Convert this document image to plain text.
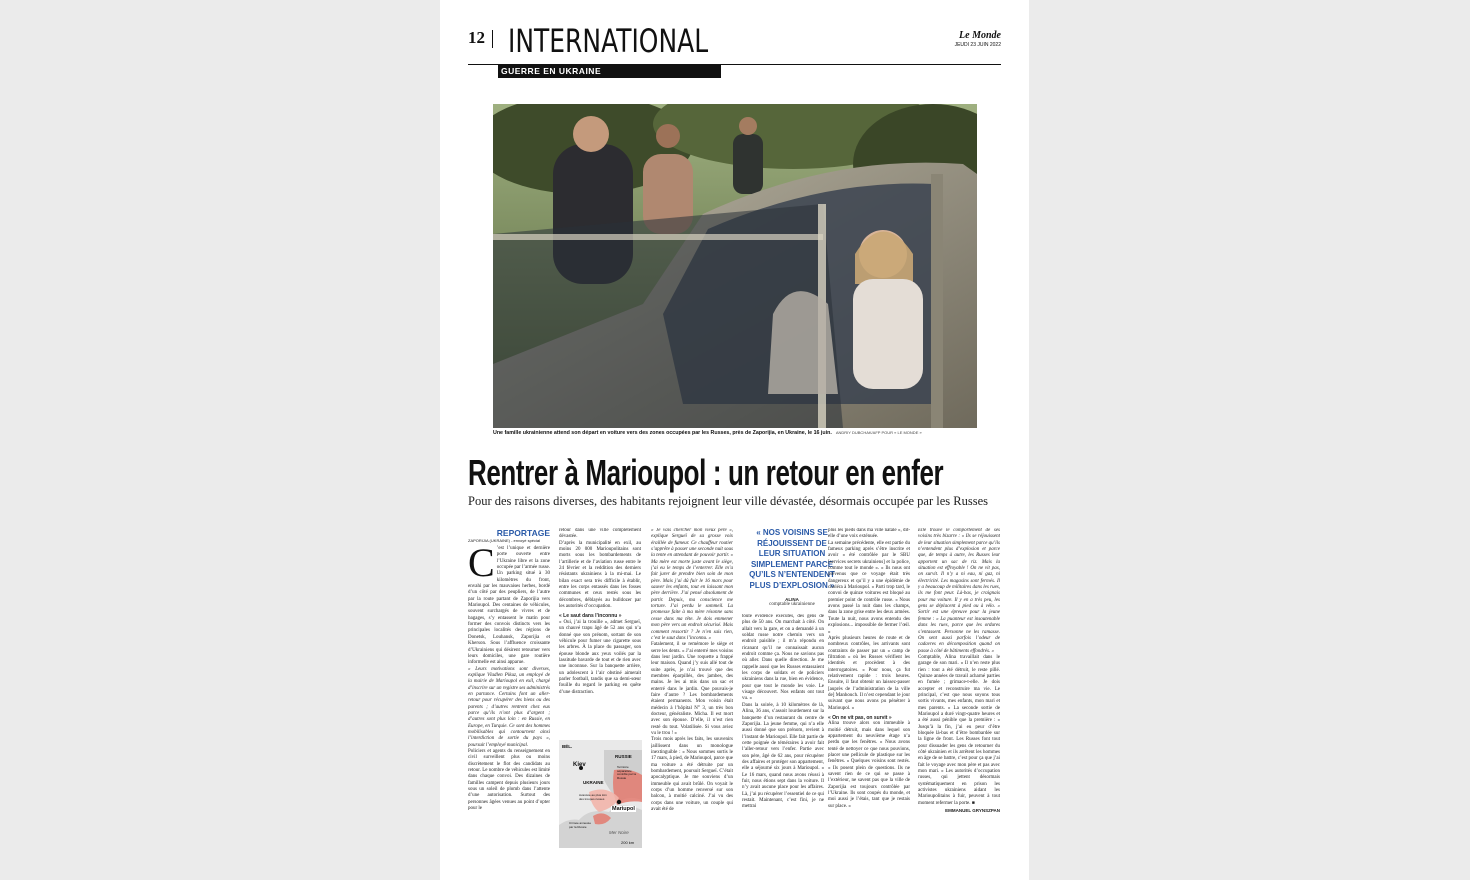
12 INTERNATIONAL	Le Monde
JEUDI 23 JUIN 2022
GUERRE EN UKRAINE
Une famille ukrainienne attend son départ en voiture vers des zones occupées par les Russes, près de Zaporijia, en Ukraine, le 16 juin. ANDRIY DUBCHAK/AFP POUR « LE MONDE »
Rentrer à Marioupol : un retour en enfer
Pour des raisons diverses, des habitants rejoignent leur ville dévastée, désormais occupée par les Russes
REPORTAGE
ZAPORIJIA (UKRAINE) - envoyé spécial
C ’est l’unique et dernière porte ouverte entre l’Ukraine libre et la zone occupée par l’armée russe. Un parking situé à 30 kilomètres du front, envahi par les mauvaises herbes, bordé d’un côté par des peupliers, de l’autre par la route partant de Zaporijia vers Marioupol. Des centaines de véhicules, souvent surchargés de vivres et de bagages, s’y entassent le matin pour former des convois distincts vers les principales localités des régions de Donetsk, Louhansk, Zaporijia et Kherson. Sous l’affluence croissante d’Ukrainiens qui désirent retourner vers leurs domiciles, une gare routière informelle est ainsi apparue.

« Leurs motivations sont diverses, explique Vladlen Pikuz, un employé de la mairie de Marioupol en exil, chargé d’inscrire sur un registre ses administrés en partance. Certains font un aller-retour pour récupérer des biens ou des parents ; d’autres rentrent chez eux parce qu’ils n’ont plus d’argent ; d’autres sont plus loin : en Russie, en Europe, en Turquie. Ce sont des hommes mobilisables qui contournent ainsi l’interdiction de sortie du pays », poursuit l’employé municipal.

Policiers et agents du renseignement en civil surveillent plus ou moins discrètement le flot des candidats au retour. Le nombre de véhicules est limité dans chaque convoi. Des dizaines de familles campent depuis plusieurs jours sous un soleil de plomb dans l’attente d’une autorisation. Surtout des personnes âgées venues au point d’opter pour le

retour dans une ville complètement dévastée.

D’après la municipalité en exil, au moins 20 000 Marioupolitains sont morts sous les bombardements de l’artillerie et de l’aviation russe entre le 24 février et la reddition des derniers résistants ukrainiens à la mi-mai. Le bilan exact sera très difficile à établir, entre les corps entassés dans les fosses communes et ceux restés sous les décombres, déblayés au bulldozer par les autorités d’occupation.

« Le saut dans l’inconnu »

« Oui, j’ai la trouille », admet Sergueï, un chauvé trapu âgé de 52 ans qui n’a donné que son prénom, sortant de son véhicule pour fumer une cigarette sous les arbres. À la place du passager, son épouse blonde aux yeux voilés par la lassitude bavarde de tout et de rien avec une inconnue. Sur la banquette arrière, un adolescent à l’air obstiné aimerait parler football, tandis que sa demi-sœur fouille du regard le parking en quête d’une distraction.

BÉL.
RUSSIE
Kiev
UKRAINE
Territoire séparatiste contrôlé par la Russie
Avancée au plus loin des troupes russes
Crimée annexée par la Russie
Mariupol
Mer Noire
200 km

« Je vais chercher mon vieux père », explique Sergueï de sa grosse voix éraillée de fumeur. Ce chauffeur routier s’apprête à passer une seconde nuit sous la tente en attendant de pouvoir partir. « Ma mère est morte juste avant le siège, j’ai eu le temps de l’enterrer. Elle m’a fait jurer de prendre bien soin de mon père. Mais j’ai dû fuir le 16 mars pour sauver les enfants, tout en laissant mon père derrière. J’ai pensé absolument de partir. Depuis, ma conscience me torture. J’ai perdu le sommeil. La promesse faite à ma mère résonne sans cesse dans ma tête. Je dois emmener mon père vers un endroit sécurisé. Mais comment ressortir ? Je n’en sais rien, c’est le saut dans l’inconnu. »

Fatalement, il se remémore le siège et serre les dents. « J’ai enterré mes voisins dans leur jardin. Une roquette a frappé leur maison. Quand j’y suis allé tout de suite après, je n’ai trouvé que des membres éparpillés, des jambes, des mains. Je les ai mis dans un sac et enterré dans le jardin. Que pouvais-je faire d’autre ? Les bombardements étaient permanents. Mon voisin était médecin à l’hôpital N° 3, un très bon docteur, généraliste. Micha. Il est mort avec son épouse. D’elle, il n’est rien resté du tout. Volatilisée. Si vous aviez vu le trou ! »

Trois mois après les faits, les souvenirs jaillissent dans un monologue inextinguible : « Nous sommes sortis le 17 mars, à pied, de Marioupol, parce que ma voiture a été détruite par un bombardement, poursuit Sergueï. C’était apocalyptique. Je me souviens d’un immeuble qui avait brûlé. On voyait le corps d’un homme renversé sur son balcon, à moitié calciné. J’ai vu des corps dans une voiture, un couple qui avait été de

« NOS VOISINS SE RÉJOUISSENT DE LEUR SITUATION SIMPLEMENT PARCE QU’ILS N’ENTENDENT PLUS D’EXPLOSION »
ALINA
comptable ukrainienne

toute évidence exécutés, des gens de plus de 50 ans. On marchait à côté. On allait vers la gare, et on a demandé à un soldat russe notre chemin vers un endroit paisible ; il m’a répondu en ricanant qu’il ne connaissait aucun endroit comme ça. Nous ne savions pas où aller. Dans quelle direction. Je me rappelle aussi que les Russes entassaient les corps de soldats et de policiers ukrainiens dans la rue, bien en évidence, pour que tout le monde les voie. Le visage découvert. Nos enfants ont tout vu. »

Dans la soirée, à 10 kilomètres de là, Alina, 36 ans, s’assoit lourdement sur la banquette d’un restaurant du centre de Zaporijia. La jeune femme, qui n’a elle aussi donné que son prénom, revient à l’instant de Marioupol. Elle fait partie de cette poignée de téméraires à avoir fait l’aller-retour vers l’enfer. Partie avec son père, âgé de 62 ans, pour récupérer des affaires et protéger son appartement, elle a séjourné six jours à Marioupol. « Le 16 mars, quand nous avons réussi à fuir, nous étions sept dans la voiture. Il n’y avait aucune place pour les affaires. Là, j’ai pu récupérer l’essentiel de ce qui restait. Maintenant, c’est fini, je ne mettrai

plus les pieds dans ma ville natale », dit-elle d’une voix exténuée.

La semaine précédente, elle est partie du fameux parking après s’être inscrite et avoir « été contrôlée par le SBU [services secrets ukrainiens] et la police, comme tout le monde ». « Ils nous ont prévenus que ce voyage était très dangereux et qu’il y a une épidémie de choléra à Marioupol. » Parti trop tard, le convoi de quinze voitures est bloqué au premier point de contrôle russe. « Nous avons passé la nuit dans les champs, dans la zone grise entre les deux armées. Toute la nuit, nous avons entendu des explosions... impossible de fermer l’œil. »

Après plusieurs heures de route et de nombreux contrôles, les arrivants sont contraints de passer par un « camp de filtration » où les Russes vérifient les identités et procèdent à des interrogatoires. « Pour nous, ça fut relativement rapide : trois heures. Ensuite, il faut obtenir un laissez-passer [auprès de l’administration de la ville de] Manhouch. Il n’est cependant le jour suivant que nous avons pu pénétrer à Marioupol. »

« On ne vit pas, on survit »

Alina trouve alors son immeuble à moitié détruit, mais dans lequel son appartement du neuvième étage n’a perdu que les fenêtres. « Nous avons tenté de nettoyer ce que nous pouvions, placer une pellicule de plastique sur les fenêtres. » Quelques voisins sont restés. « Ils posent plein de questions. Ils ne savent rien de ce qui se passe à l’extérieur, ne savent pas que la ville de Zaporijia est toujours contrôlée par l’Ukraine. Ils sont coupés du monde, et moi aussi je l’étais, tant que je restais sur place. »

Elle trouve le comportement de ses voisins très bizarre : « Ils se réjouissent de leur situation simplement parce qu’ils n’entendent plus d’explosion et parce que, de temps à autre, les Russes leur apportent un sac de riz. Mais la situation est effroyable ! On ne vit pas, on survit. Il n’y a ni eau, ni gaz, ni électricité. Les magasins sont fermés. Il y a beaucoup de militaires dans les rues, ils me font peur. Là-bas, je craignais pour ma voiture. Il y en a très peu, les gens se déplacent à pied ou à vélo. » Sortir est une épreuve pour la jeune femme : « La puanteur est insoutenable dans les rues, parce que les ordures s’entassent. Personne ne les ramasse. On sent aussi parfois l’odeur de cadavres en décomposition quand on passe à côté de bâtiments effondrés. »

Comptable, Alina travaillait dans le garage de son mari. « Il n’en reste plus rien : tout a été détruit, le reste pillé. Quinze années de travail acharné parties en fumée ; grimace-t-elle. Je dois accepter et reconstruire ma vie. Le principal, c’est que nous soyons tous sortis vivants, mes enfants, mon mari et mes parents. » La seconde sortie de Marioupol a duré vingt-quatre heures et a été aussi pénible que la première : « Jusqu’à la fin, j’ai eu peur d’être bloquée là-bas et d’être bombardée sur la ligne de front. Les Russes font tout pour dissuader les gens de retourner du côté ukrainien et ils arrêtent les hommes en âge de se battre, c’est pour ça que j’ai fait le voyage avec mon père et pas avec mon mari. » Les autorités d’occupation russes, qui jettent désormais systématiquement en prison les activistes ukrainiens aidant les Marioupolitains à fuir, peuvent à tout moment refermer la porte. ■

EMMANUEL GRYNSZPAN
